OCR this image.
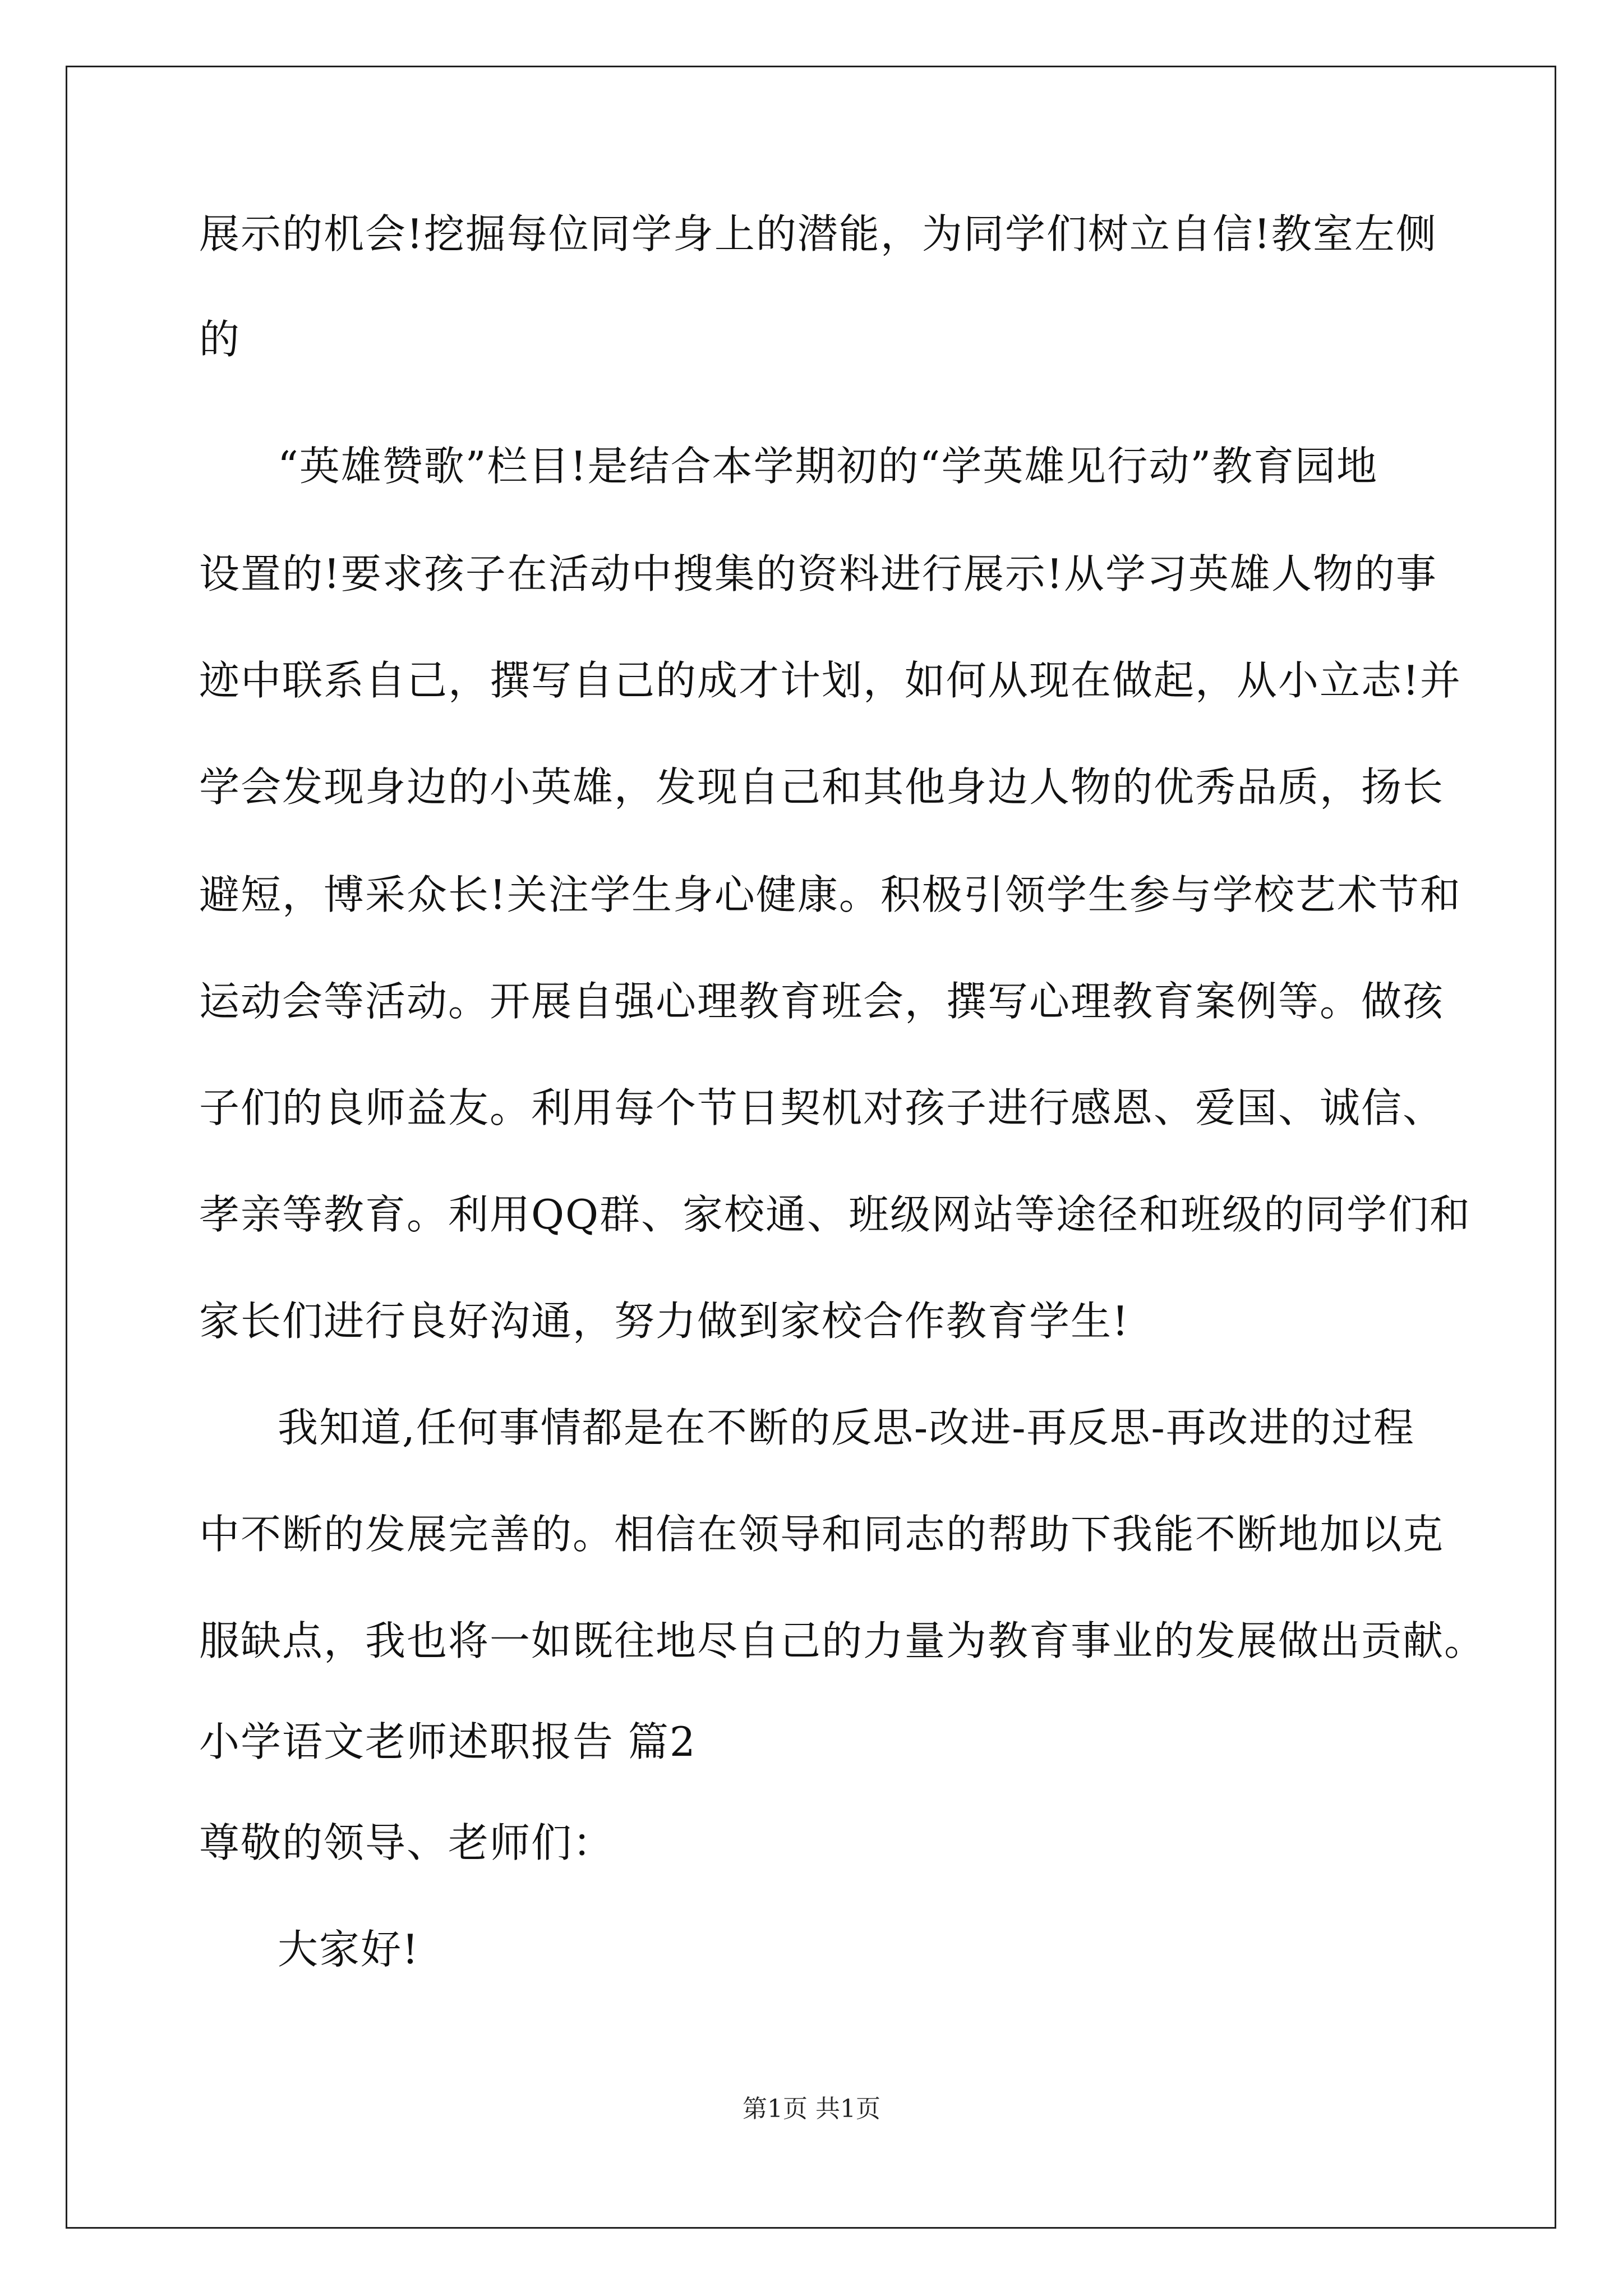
展示的机会!挖掘每位同学身上的潜能，为同学们树立自信!教室左侧
的
“英雄赞歌”栏目!是结合本学期初的“学英雄见行动”教育园地
设置的!要求孩子在活动中搜集的资料进行展示!从学习英雄人物的事
迹中联系自己，撰写自己的成才计划，如何从现在做起，从小立志!并
学会发现身边的小英雄，发现自己和其他身边人物的优秀品质，扬长
避短，博采众长!关注学生身心健康。积极引领学生参与学校艺术节和
运动会等活动。开展自强心理教育班会，撰写心理教育案例等。做孩
子们的良师益友。利用每个节日契机对孩子进行感恩、爱国、诚信、
孝亲等教育。利用QQ群、家校通、班级网站等途径和班级的同学们和
家长们进行良好沟通，努力做到家校合作教育学生!
我知道,任何事情都是在不断的反思-改进-再反思-再改进的过程
中不断的发展完善的。相信在领导和同志的帮助下我能不断地加以克
服缺点，我也将一如既往地尽自己的力量为教育事业的发展做出贡献。
小学语文老师述职报告 篇2
尊敬的领导、老师们：
大家好!
第1页 共1页
